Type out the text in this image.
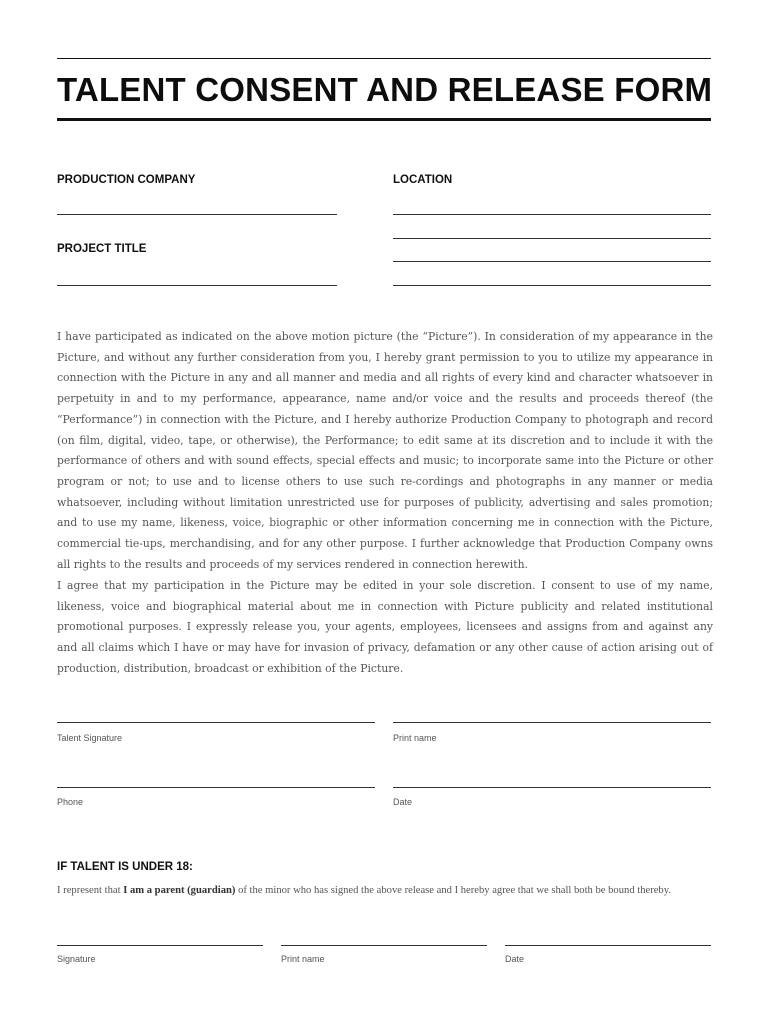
TALENT CONSENT AND RELEASE FORM
PRODUCTION COMPANY	LOCATION
PROJECT TITLE

I have participated as indicated on the above motion picture (the “Picture”). In consideration of my appearance in the Picture, and without any further consideration from you, I hereby grant permission to you to utilize my appearance in connection with the Picture in any and all manner and media and all rights of every kind and character whatsoever in perpetuity in and to my performance, appearance, name and/or voice and the results and proceeds thereof (the “Performance”) in connection with the Picture, and I hereby authorize Production Company to photograph and record (on film, digital, video, tape, or otherwise), the Performance; to edit same at its discretion and to include it with the performance of others and with sound effects, special effects and music; to incorporate same into the Picture or other program or not; to use and to license others to use such re-cordings and photographs in any manner or media whatsoever, including without limitation unrestricted use for purposes of publicity, advertising and sales promotion; and to use my name, likeness, voice, biographic or other information concerning me in connection with the Picture, commercial tie-ups, merchandising, and for any other purpose. I further acknowledge that Production Company owns all rights to the results and proceeds of my services rendered in connection herewith.

I agree that my participation in the Picture may be edited in your sole discretion. I consent to use of my name, likeness, voice and biographical material about me in connection with Picture publicity and related institutional promotional purposes. I expressly release you, your agents, employees, licensees and assigns from and against any and all claims which I have or may have for invasion of privacy, defamation or any other cause of action arising out of production, distribution, broadcast or exhibition of the Picture.

Talent Signature	Print name
Phone	Date
IF TALENT IS UNDER 18:
I represent that I am a parent (guardian) of the minor who has signed the above release and I hereby agree that we shall both be bound thereby.
Signature	Print name	Date
